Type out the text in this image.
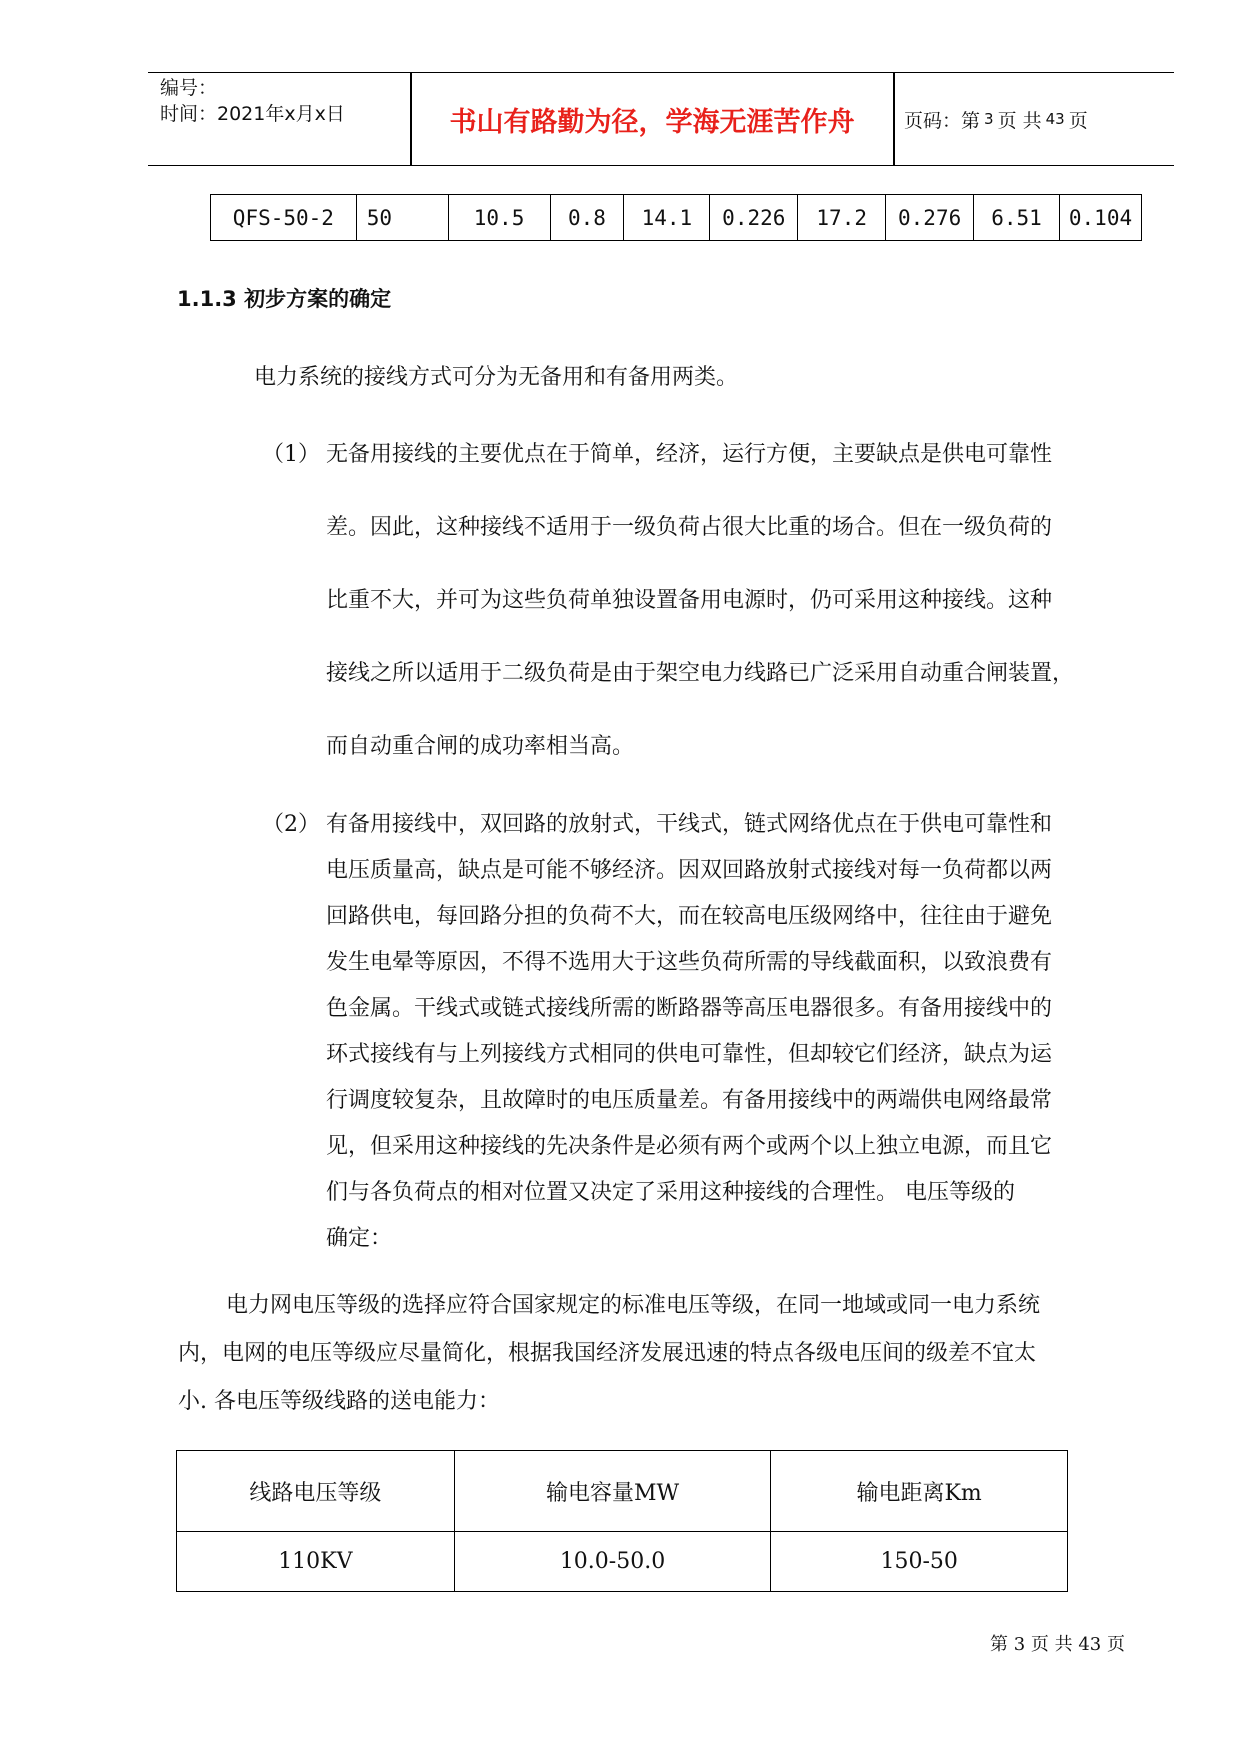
编号：
时间：2021年x月x日	书山有路勤为径，学海无涯苦作舟	页码：第 3 页 共 43 页
QFS-50-2	50	10.5	0.8	14.1	0.226	17.2	0.276	6.51	0.104
1.1.3 初步方案的确定
电力系统的接线方式可分为无备用和有备用两类。
（1） 无备用接线的主要优点在于简单，经济，运行方便，主要缺点是供电可靠性
差。因此，这种接线不适用于一级负荷占很大比重的场合。但在一级负荷的
比重不大，并可为这些负荷单独设置备用电源时，仍可采用这种接线。这种
接线之所以适用于二级负荷是由于架空电力线路已广泛采用自动重合闸装置，
而自动重合闸的成功率相当高。
（2） 有备用接线中，双回路的放射式，干线式，链式网络优点在于供电可靠性和
电压质量高，缺点是可能不够经济。因双回路放射式接线对每一负荷都以两
回路供电，每回路分担的负荷不大，而在较高电压级网络中，往往由于避免
发生电晕等原因，不得不选用大于这些负荷所需的导线截面积，以致浪费有
色金属。干线式或链式接线所需的断路器等高压电器很多。有备用接线中的
环式接线有与上列接线方式相同的供电可靠性，但却较它们经济，缺点为运
行调度较复杂，且故障时的电压质量差。有备用接线中的两端供电网络最常
见，但采用这种接线的先决条件是必须有两个或两个以上独立电源，而且它
们与各负荷点的相对位置又决定了采用这种接线的合理性。 电压等级的
确定：
电力网电压等级的选择应符合国家规定的标准电压等级，在同一地域或同一电力系统
内，电网的电压等级应尽量简化，根据我国经济发展迅速的特点各级电压间的级差不宜太
小. 各电压等级线路的送电能力：
线路电压等级	输电容量MW	输电距离Km
110KV	10.0-50.0	150-50
第 3 页 共 43 页
